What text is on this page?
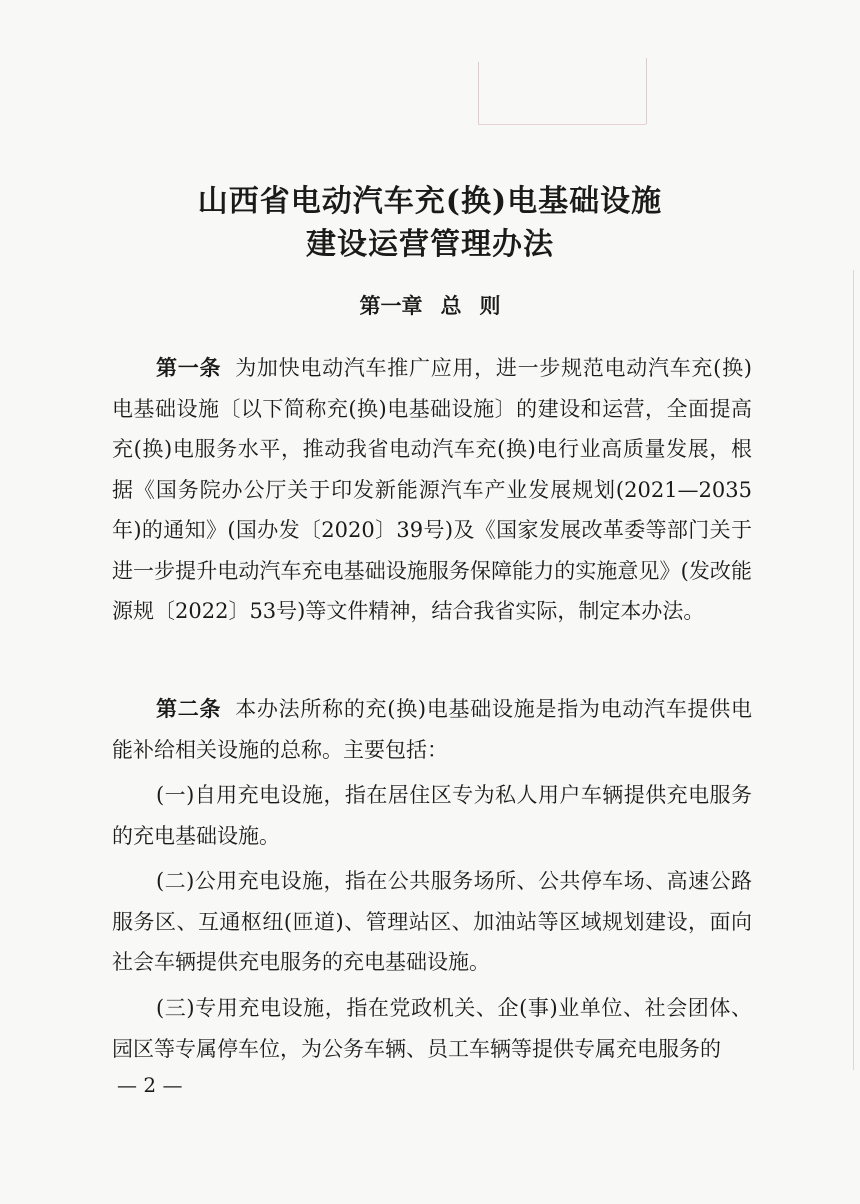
山西省电动汽车充(换)电基础设施
建设运营管理办法
第一章 总 则
第一条 为加快电动汽车推广应用，进一步规范电动汽车充(换)电基础设施〔以下简称充(换)电基础设施〕的建设和运营，全面提高充(换)电服务水平，推动我省电动汽车充(换)电行业高质量发展，根据《国务院办公厅关于印发新能源汽车产业发展规划(2021—2035年)的通知》(国办发〔2020〕39号)及《国家发展改革委等部门关于进一步提升电动汽车充电基础设施服务保障能力的实施意见》(发改能源规〔2022〕53号)等文件精神，结合我省实际，制定本办法。
第二条 本办法所称的充(换)电基础设施是指为电动汽车提供电能补给相关设施的总称。主要包括：
(一)自用充电设施，指在居住区专为私人用户车辆提供充电服务的充电基础设施。
(二)公用充电设施，指在公共服务场所、公共停车场、高速公路服务区、互通枢纽(匝道)、管理站区、加油站等区域规划建设，面向社会车辆提供充电服务的充电基础设施。
(三)专用充电设施，指在党政机关、企(事)业单位、社会团体、园区等专属停车位，为公务车辆、员工车辆等提供专属充电服务的
— 2 —
